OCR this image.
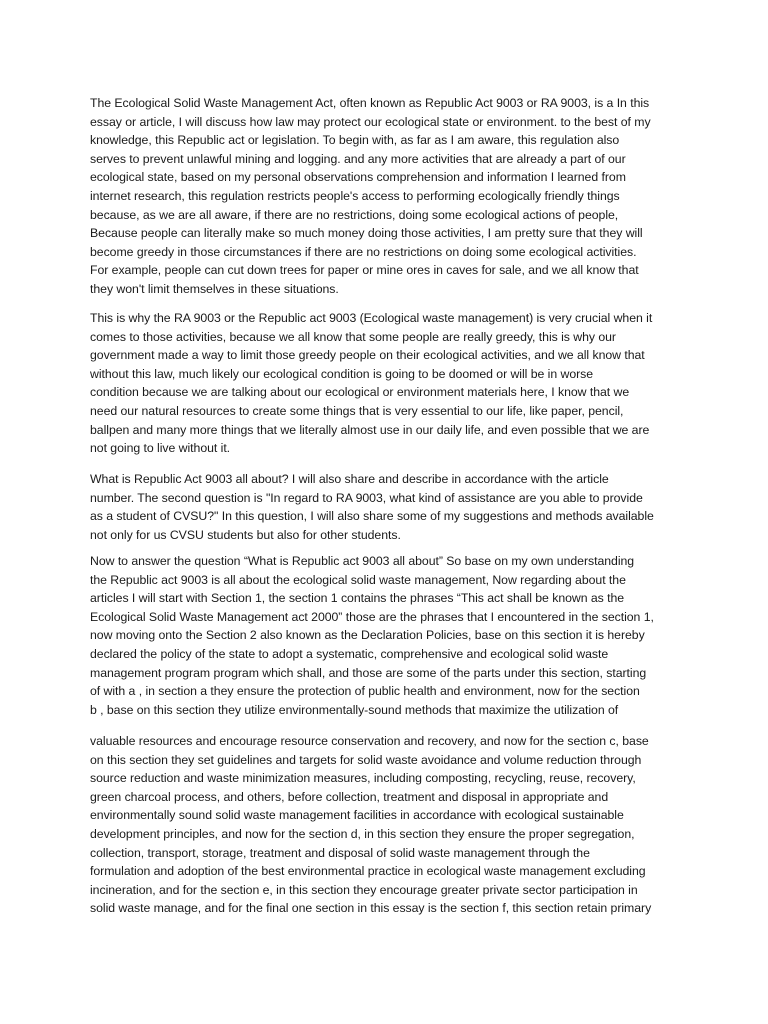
The Ecological Solid Waste Management Act, often known as Republic Act 9003 or RA 9003, is a In this
essay or article, I will discuss how law may protect our ecological state or environment. to the best of my
knowledge, this Republic act or legislation. To begin with, as far as I am aware, this regulation also
serves to prevent unlawful mining and logging. and any more activities that are already a part of our
ecological state, based on my personal observations comprehension and information I learned from
internet research, this regulation restricts people's access to performing ecologically friendly things
because, as we are all aware, if there are no restrictions, doing some ecological actions of people,
Because people can literally make so much money doing those activities, I am pretty sure that they will
become greedy in those circumstances if there are no restrictions on doing some ecological activities.
For example, people can cut down trees for paper or mine ores in caves for sale, and we all know that
they won't limit themselves in these situations.

This is why the RA 9003 or the Republic act 9003 (Ecological waste management) is very crucial when it
comes to those activities, because we all know that some people are really greedy, this is why our
government made a way to limit those greedy people on their ecological activities, and we all know that
without this law, much likely our ecological condition is going to be doomed or will be in worse
condition because we are talking about our ecological or environment materials here, I know that we
need our natural resources to create some things that is very essential to our life, like paper, pencil,
ballpen and many more things that we literally almost use in our daily life, and even possible that we are
not going to live without it.

What is Republic Act 9003 all about? I will also share and describe in accordance with the article
number. The second question is "In regard to RA 9003, what kind of assistance are you able to provide
as a student of CVSU?" In this question, I will also share some of my suggestions and methods available
not only for us CVSU students but also for other students.

Now to answer the question “What is Republic act 9003 all about” So base on my own understanding
the Republic act 9003 is all about the ecological solid waste management, Now regarding about the
articles I will start with Section 1, the section 1 contains the phrases “This act shall be known as the
Ecological Solid Waste Management act 2000” those are the phrases that I encountered in the section 1,
now moving onto the Section 2 also known as the Declaration Policies, base on this section it is hereby
declared the policy of the state to adopt a systematic, comprehensive and ecological solid waste
management program program which shall, and those are some of the parts under this section, starting
of with a , in section a they ensure the protection of public health and environment, now for the section
b , base on this section they utilize environmentally-sound methods that maximize the utilization of

valuable resources and encourage resource conservation and recovery, and now for the section c, base
on this section they set guidelines and targets for solid waste avoidance and volume reduction through
source reduction and waste minimization measures, including composting, recycling, reuse, recovery,
green charcoal process, and others, before collection, treatment and disposal in appropriate and
environmentally sound solid waste management facilities in accordance with ecological sustainable
development principles, and now for the section d, in this section they ensure the proper segregation,
collection, transport, storage, treatment and disposal of solid waste management through the
formulation and adoption of the best environmental practice in ecological waste management excluding
incineration, and for the section e, in this section they encourage greater private sector participation in
solid waste manage, and for the final one section in this essay is the section f, this section retain primary
